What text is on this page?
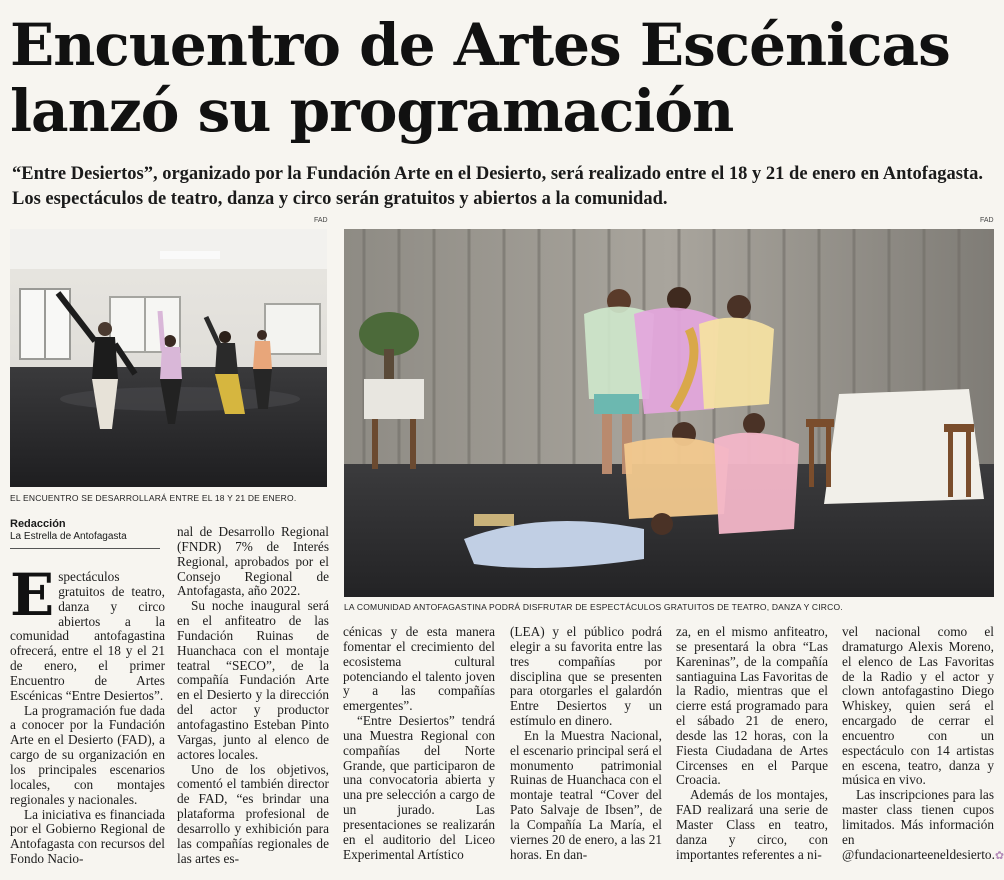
Encuentro de Artes Escénicas
lanzó su programación

“Entre Desiertos”, organizado por la Fundación Arte en el Desierto, será realizado entre el 18 y 21 de enero en Antofagasta. Los espectáculos de teatro, danza y circo serán gratuitos y abiertos a la comunidad.

FAD	FAD
EL ENCUENTRO SE DESARROLLARÁ ENTRE EL 18 Y 21 DE ENERO.
LA COMUNIDAD ANTOFAGASTINA PODRÁ DISFRUTAR DE ESPECTÁCULOS GRATUITOS DE TEATRO, DANZA Y CIRCO.
Redacción
La Estrella de Antofagasta

Espectáculos gratuitos de teatro, danza y circo abiertos a la comunidad antofagastina ofrecerá, entre el 18 y el 21 de enero, el primer Encuentro de Artes Escénicas “Entre Desiertos”.

La programación fue dada a conocer por la Fundación Arte en el Desierto (FAD), a cargo de su organización en los principales escenarios locales, con montajes regionales y nacionales.

La iniciativa es financiada por el Gobierno Regional de Antofagasta con recursos del Fondo Nacio-

nal de Desarrollo Regional (FNDR) 7% de Interés Regional, aprobados por el Consejo Regional de Antofagasta, año 2022.

Su noche inaugural será en el anfiteatro de las Fundación Ruinas de Huanchaca con el montaje teatral “SECO”, de la compañía Fundación Arte en el Desierto y la dirección del actor y productor antofagastino Esteban Pinto Vargas, junto al elenco de actores locales.

Uno de los objetivos, comentó el también director de FAD, “es brindar una plataforma profesional de desarrollo y exhibición para las compañías regionales de las artes es-

cénicas y de esta manera fomentar el crecimiento del ecosistema cultural potenciando el talento joven y a las compañías emergentes”.

“Entre Desiertos” tendrá una Muestra Regional con compañías del Norte Grande, que participaron de una convocatoria abierta y una pre selección a cargo de un jurado. Las presentaciones se realizarán en el auditorio del Liceo Experimental Artístico

(LEA) y el público podrá elegir a su favorita entre las tres compañías por disciplina que se presenten para otorgarles el galardón Entre Desiertos y un estímulo en dinero.

En la Muestra Nacional, el escenario principal será el monumento patrimonial Ruinas de Huanchaca con el montaje teatral “Cover del Pato Salvaje de Ibsen”, de la Compañía La María, el viernes 20 de enero, a las 21 horas. En dan-

za, en el mismo anfiteatro, se presentará la obra “Las Kareninas”, de la compañía santiaguina Las Favoritas de la Radio, mientras que el cierre está programado para el sábado 21 de enero, desde las 12 horas, con la Fiesta Ciudadana de Artes Circenses en el Parque Croacia.

Además de los montajes, FAD realizará una serie de Master Class en teatro, danza y circo, con importantes referentes a ni-

vel nacional como el dramaturgo Alexis Moreno, el elenco de Las Favoritas de la Radio y el actor y clown antofagastino Diego Whiskey, quien será el encargado de cerrar el encuentro con un espectáculo con 14 artistas en escena, teatro, danza y música en vivo.

Las inscripciones para las master class tienen cupos limitados. Más información en @fundacionarteeneldesierto.✿
